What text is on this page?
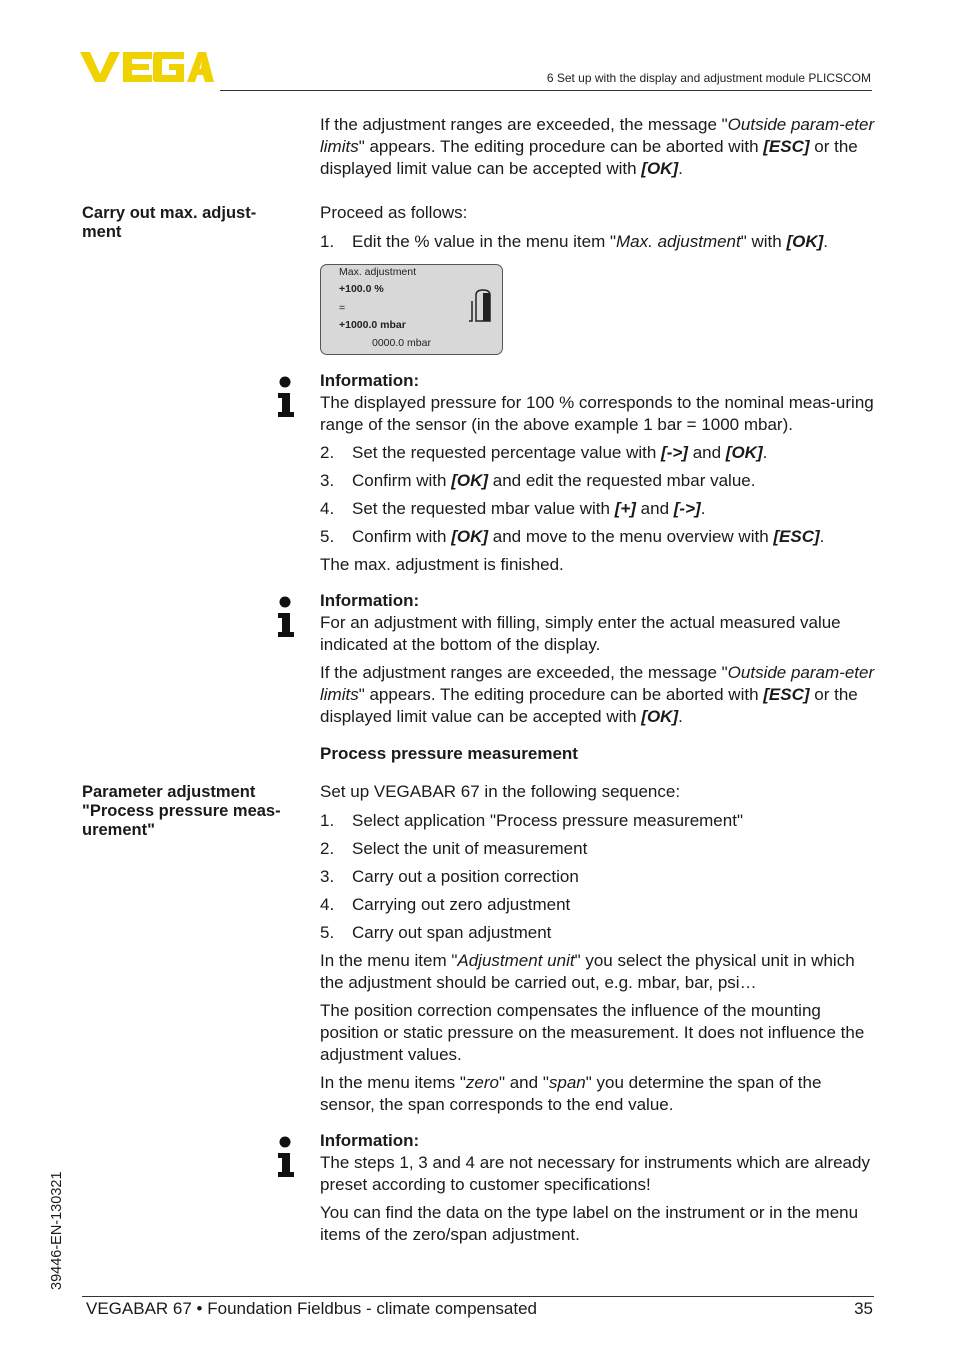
6 Set up with the display and adjustment module PLICSCOM

If the adjustment ranges are exceeded, the message "Outside param-eter limits" appears. The editing procedure can be aborted with [ESC] or the displayed limit value can be accepted with [OK].

Carry out max. adjust-ment

Proceed as follows:

1. Edit the % value in the menu item "Max. adjustment" with [OK].
Max. adjustment
+100.0 %
=
+1000.0 mbar
0000.0 mbar

Information:

The displayed pressure for 100 % corresponds to the nominal meas-uring range of the sensor (in the above example 1 bar = 1000 mbar).

2. Set the requested percentage value with [->] and [OK].
3. Confirm with [OK] and edit the requested mbar value.
4. Set the requested mbar value with [+] and [->].
5. Confirm with [OK] and move to the menu overview with [ESC].

The max. adjustment is finished.

Information:

For an adjustment with filling, simply enter the actual measured value indicated at the bottom of the display.

If the adjustment ranges are exceeded, the message "Outside param-eter limits" appears. The editing procedure can be aborted with [ESC] or the displayed limit value can be accepted with [OK].

Process pressure measurement
Parameter adjustment "Process pressure meas-urement"

Set up VEGABAR 67 in the following sequence:

1. Select application "Process pressure measurement"
2. Select the unit of measurement
3. Carry out a position correction
4. Carrying out zero adjustment
5. Carry out span adjustment

In the menu item "Adjustment unit" you select the physical unit in which the adjustment should be carried out, e.g. mbar, bar, psi…

The position correction compensates the influence of the mounting position or static pressure on the measurement. It does not influence the adjustment values.

In the menu items "zero" and "span" you determine the span of the sensor, the span corresponds to the end value.

Information:

The steps 1, 3 and 4 are not necessary for instruments which are already preset according to customer specifications!

You can find the data on the type label on the instrument or in the menu items of the zero/span adjustment.

39446-EN-130321
VEGABAR 67 • Foundation Fieldbus - climate compensated	35
